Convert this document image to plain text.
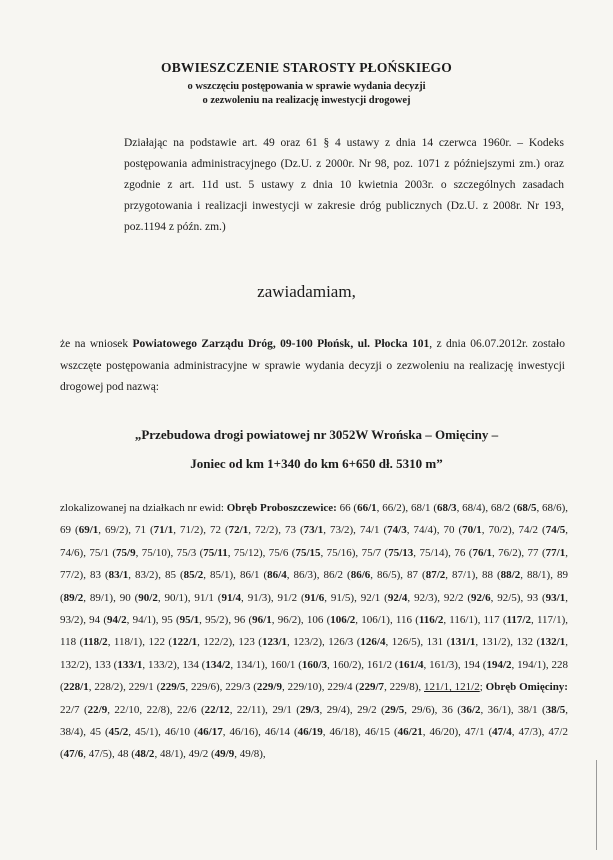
OBWIESZCZENIE STAROSTY PŁOŃSKIEGO
o wszczęciu postępowania w sprawie wydania decyzji
o zezwoleniu na realizację inwestycji drogowej

Działając na podstawie art. 49 oraz 61 § 4 ustawy z dnia 14 czerwca 1960r. – Kodeks postępowania administracyjnego (Dz.U. z 2000r. Nr 98, poz. 1071 z późniejszymi zm.) oraz zgodnie z art. 11d ust. 5 ustawy z dnia 10 kwietnia 2003r. o szczególnych zasadach przygotowania i realizacji inwestycji w zakresie dróg publicznych (Dz.U. z 2008r. Nr 193, poz.1194 z późn. zm.)

zawiadamiam,

że na wniosek Powiatowego Zarządu Dróg, 09-100 Płońsk, ul. Płocka 101, z dnia 06.07.2012r. zostało wszczęte postępowania administracyjne w sprawie wydania decyzji o zezwoleniu na realizację inwestycji drogowej pod nazwą:

„Przebudowa drogi powiatowej nr 3052W Wrońska – Omięciny –
Joniec od km 1+340 do km 6+650 dł. 5310 m”

zlokalizowanej na działkach nr ewid: Obręb Proboszczewice: 66 (66/1, 66/2), 68/1 (68/3, 68/4), 68/2 (68/5, 68/6), 69 (69/1, 69/2), 71 (71/1, 71/2), 72 (72/1, 72/2), 73 (73/1, 73/2), 74/1 (74/3, 74/4), 70 (70/1, 70/2), 74/2 (74/5, 74/6), 75/1 (75/9, 75/10), 75/3 (75/11, 75/12), 75/6 (75/15, 75/16), 75/7 (75/13, 75/14), 76 (76/1, 76/2), 77 (77/1, 77/2), 83 (83/1, 83/2), 85 (85/2, 85/1), 86/1 (86/4, 86/3), 86/2 (86/6, 86/5), 87 (87/2, 87/1), 88 (88/2, 88/1), 89 (89/2, 89/1), 90 (90/2, 90/1), 91/1 (91/4, 91/3), 91/2 (91/6, 91/5), 92/1 (92/4, 92/3), 92/2 (92/6, 92/5), 93 (93/1, 93/2), 94 (94/2, 94/1), 95 (95/1, 95/2), 96 (96/1, 96/2), 106 (106/2, 106/1), 116 (116/2, 116/1), 117 (117/2, 117/1), 118 (118/2, 118/1), 122 (122/1, 122/2), 123 (123/1, 123/2), 126/3 (126/4, 126/5), 131 (131/1, 131/2), 132 (132/1, 132/2), 133 (133/1, 133/2), 134 (134/2, 134/1), 160/1 (160/3, 160/2), 161/2 (161/4, 161/3), 194 (194/2, 194/1), 228 (228/1, 228/2), 229/1 (229/5, 229/6), 229/3 (229/9, 229/10), 229/4 (229/7, 229/8), 121/1, 121/2; Obręb Omięciny: 22/7 (22/9, 22/10, 22/8), 22/6 (22/12, 22/11), 29/1 (29/3, 29/4), 29/2 (29/5, 29/6), 36 (36/2, 36/1), 38/1 (38/5, 38/4), 45 (45/2, 45/1), 46/10 (46/17, 46/16), 46/14 (46/19, 46/18), 46/15 (46/21, 46/20), 47/1 (47/4, 47/3), 47/2 (47/6, 47/5), 48 (48/2, 48/1), 49/2 (49/9, 49/8),
